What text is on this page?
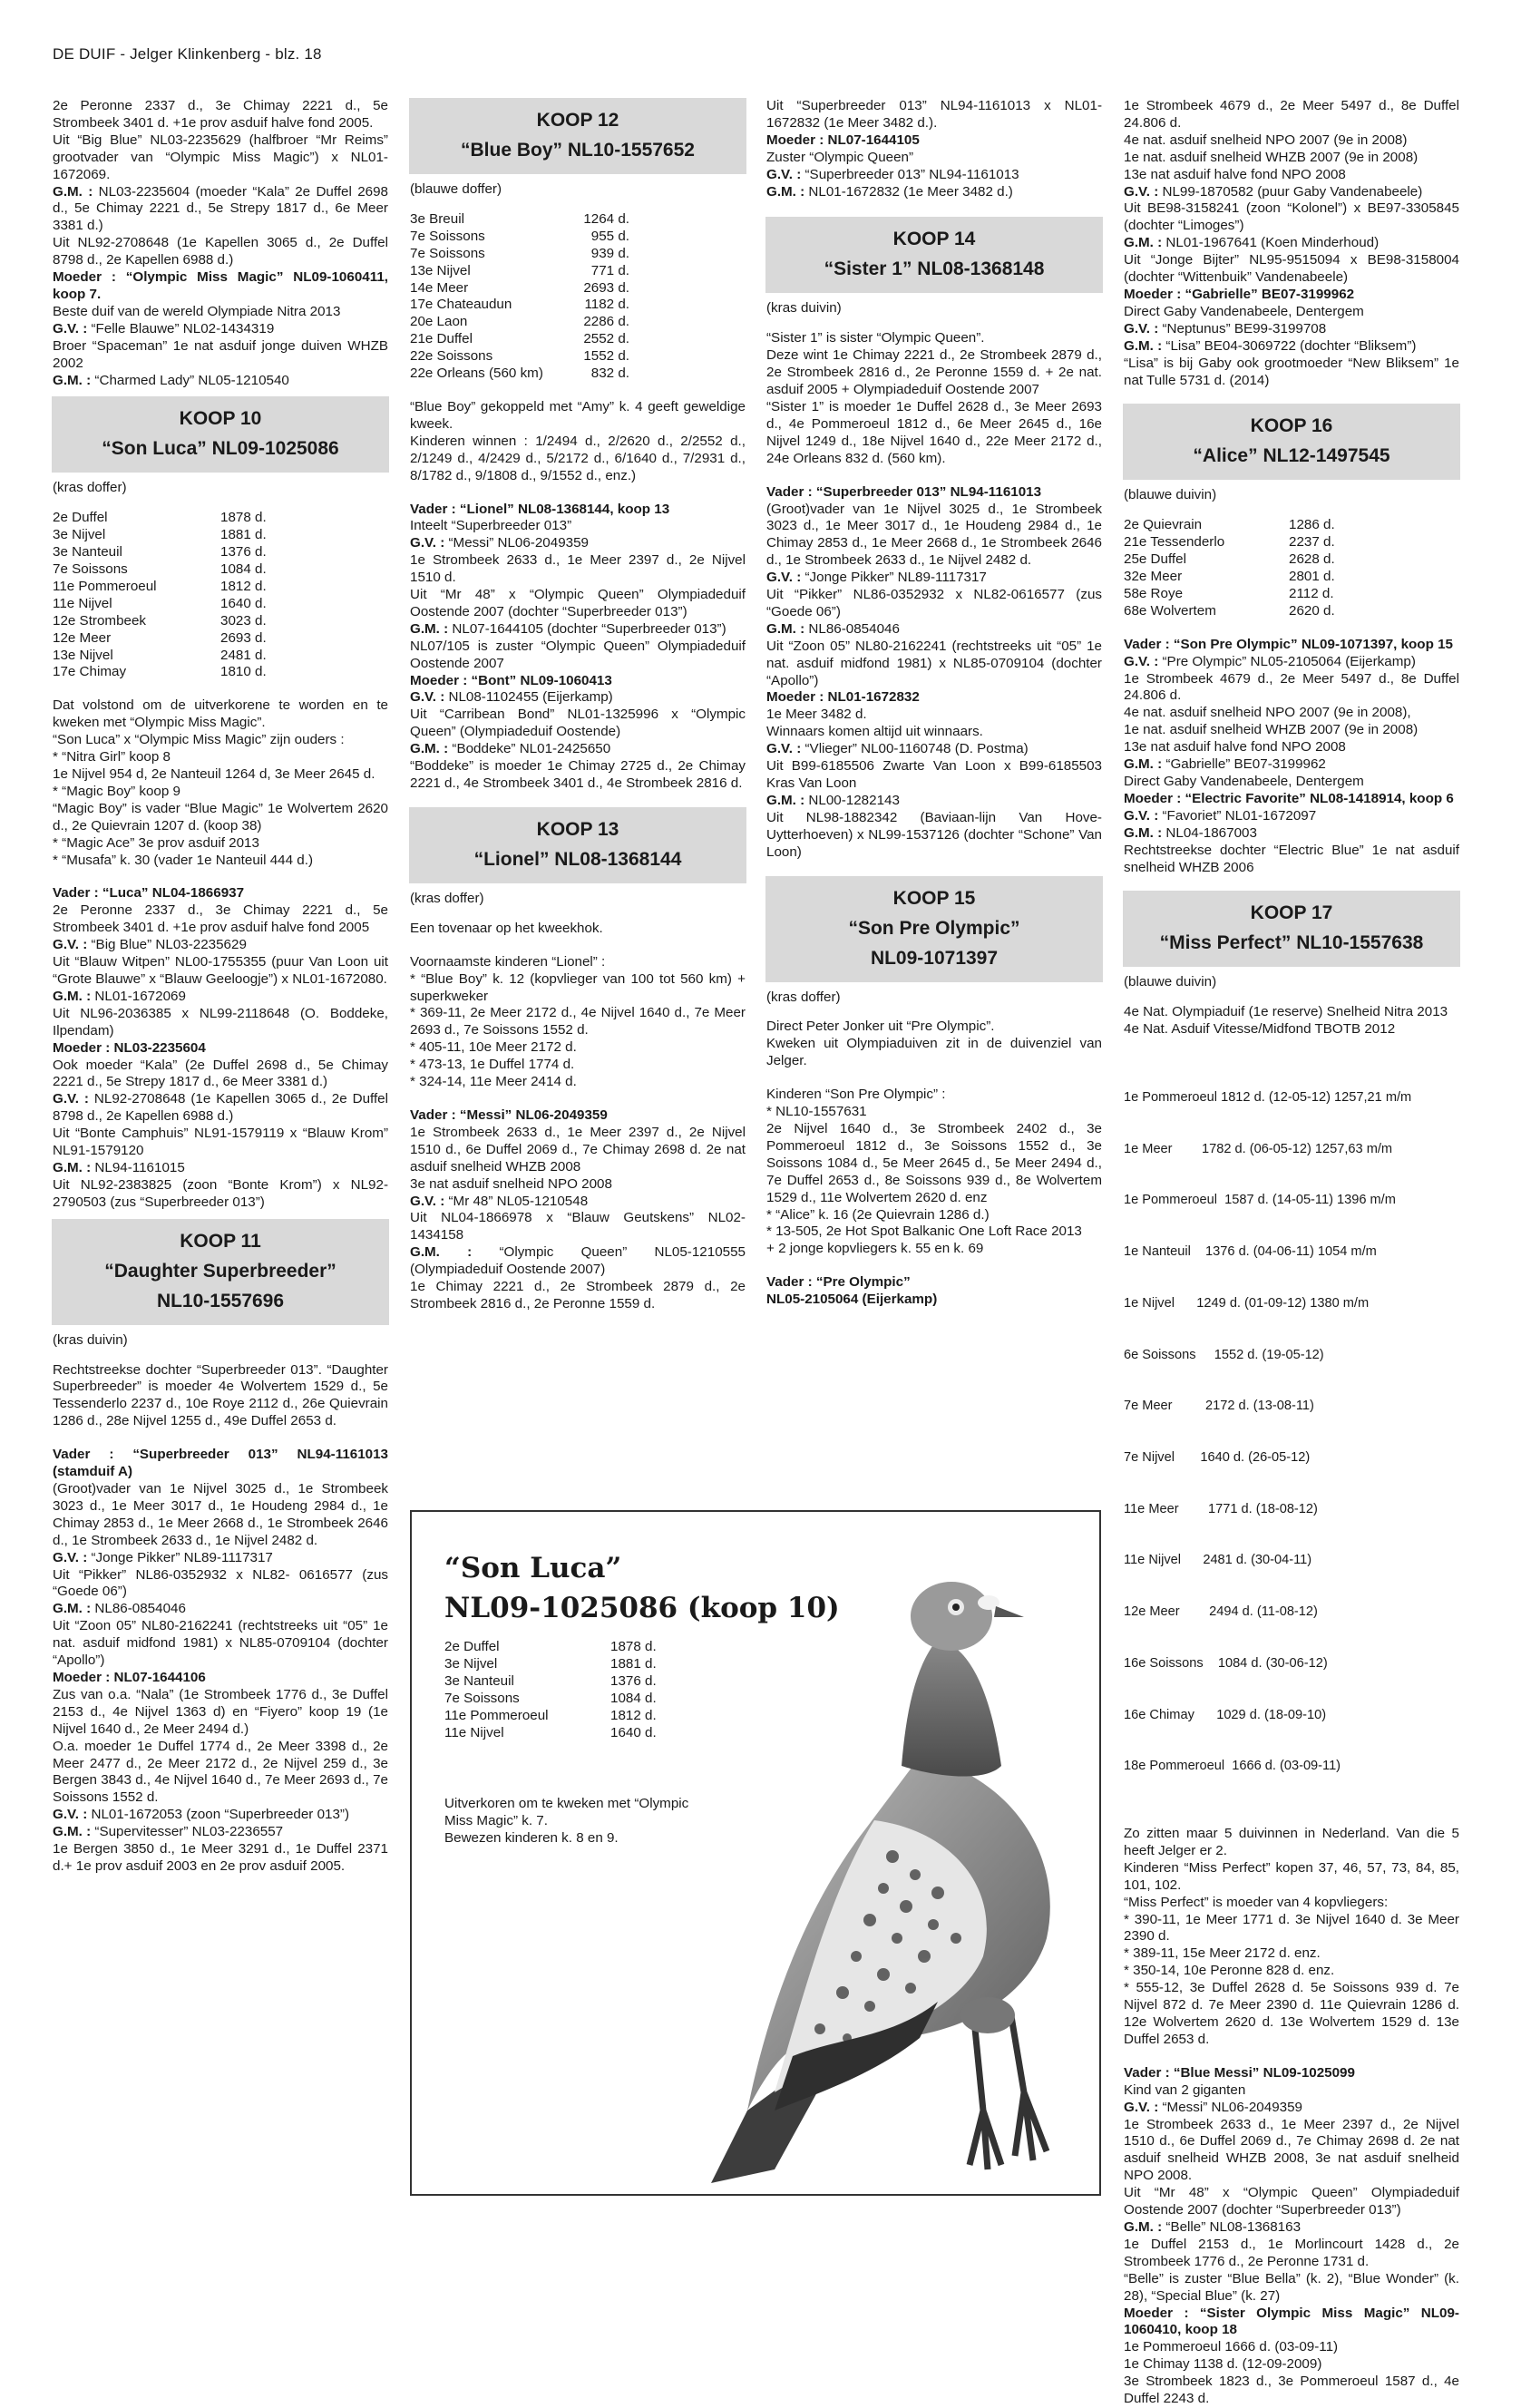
DE DUIF - Jelger Klinkenberg - blz. 18

2e Peronne 2337 d., 3e Chimay 2221 d., 5e Strombeek 3401 d. +1e prov asduif halve fond 2005.

Uit “Big Blue” NL03-2235629 (halfbroer “Mr Reims” grootvader van “Olympic Miss Magic”) x NL01-1672069.

G.M. : NL03-2235604 (moeder “Kala” 2e Duffel 2698 d., 5e Chimay 2221 d., 5e Strepy 1817 d., 6e Meer 3381 d.)

Uit NL92-2708648 (1e Kapellen 3065 d., 2e Duffel 8798 d., 2e Kapellen 6988 d.)

Moeder : “Olympic Miss Magic” NL09-1060411, koop 7.

Beste duif van de wereld Olympiade Nitra 2013

G.V. : “Felle Blauwe” NL02-1434319

Broer “Spaceman” 1e nat asduif jonge duiven WHZB 2002

G.M. : “Charmed Lady” NL05-1210540

KOOP 10
“Son Luca” NL09-1025086

(kras doffer)

2e Duffel	1878 d.
3e Nijvel	1881 d.
3e Nanteuil	1376 d.
7e Soissons	1084 d.
11e Pommeroeul	1812 d.
11e Nijvel	1640 d.
12e Strombeek	3023 d.
12e Meer	2693 d.
13e Nijvel	2481 d.
17e Chimay	1810 d.

Dat volstond om de uitverkorene te worden en te kweken met “Olympic Miss Magic”.

“Son Luca” x “Olympic Miss Magic” zijn ouders :

* “Nitra Girl” koop 8

1e Nijvel 954 d, 2e Nanteuil 1264 d, 3e Meer 2645 d.

* “Magic Boy” koop 9

“Magic Boy” is vader “Blue Magic” 1e Wolvertem 2620 d., 2e Quievrain 1207 d. (koop 38)

* “Magic Ace” 3e prov asduif 2013

* “Musafa” k. 30 (vader 1e Nanteuil 444 d.)

Vader : “Luca” NL04-1866937

2e Peronne 2337 d., 3e Chimay 2221 d., 5e Strombeek 3401 d. +1e prov asduif halve fond 2005

G.V. : “Big Blue” NL03-2235629

Uit “Blauw Witpen” NL00-1755355 (puur Van Loon uit “Grote Blauwe” x “Blauw Geeloogje”) x NL01-1672080.

G.M. : NL01-1672069

Uit NL96-2036385 x NL99-2118648 (O. Boddeke, Ilpendam)

Moeder : NL03-2235604

Ook moeder “Kala” (2e Duffel 2698 d., 5e Chimay 2221 d., 5e Strepy 1817 d., 6e Meer 3381 d.)

G.V. : NL92-2708648 (1e Kapellen 3065 d., 2e Duffel 8798 d., 2e Kapellen 6988 d.)

Uit “Bonte Camphuis” NL91-1579119 x “Blauw Krom” NL91-1579120

G.M. : NL94-1161015

Uit NL92-2383825 (zoon “Bonte Krom”) x NL92-2790503 (zus “Superbreeder 013”)

KOOP 11
“Daughter Superbreeder”
NL10-1557696

(kras duivin)

Rechtstreekse dochter “Superbreeder 013”. “Daughter Superbreeder” is moeder 4e Wolvertem 1529 d., 5e Tessenderlo 2237 d., 10e Roye 2112 d., 26e Quievrain 1286 d., 28e Nijvel 1255 d., 49e Duffel 2653 d.

Vader : “Superbreeder 013” NL94-1161013 (stamduif A)

(Groot)vader van 1e Nijvel 3025 d., 1e Strombeek 3023 d., 1e Meer 3017 d., 1e Houdeng 2984 d., 1e Chimay 2853 d., 1e Meer 2668 d., 1e Strombeek 2646 d., 1e Strombeek 2633 d., 1e Nijvel 2482 d.

G.V. : “Jonge Pikker” NL89-1117317

Uit “Pikker” NL86-0352932 x NL82- 0616577 (zus “Goede 06”)

G.M. : NL86-0854046

Uit “Zoon 05” NL80-2162241 (rechtstreeks uit “05” 1e nat. asduif midfond 1981) x NL85-0709104 (dochter “Apollo”)

Moeder : NL07-1644106

Zus van o.a. “Nala” (1e Strombeek 1776 d., 3e Duffel 2153 d., 4e Nijvel 1363 d) en “Fiyero” koop 19 (1e Nijvel 1640 d., 2e Meer 2494 d.)

O.a. moeder 1e Duffel 1774 d., 2e Meer 3398 d., 2e Meer 2477 d., 2e Meer 2172 d., 2e Nijvel 259 d., 3e Bergen 3843 d., 4e Nijvel 1640 d., 7e Meer 2693 d., 7e Soissons 1552 d.

G.V. : NL01-1672053 (zoon “Superbreeder 013”)

G.M. : “Supervitesser” NL03-2236557

1e Bergen 3850 d., 1e Meer 3291 d., 1e Duffel 2371 d.+ 1e prov asduif 2003 en 2e prov asduif 2005.

KOOP 12
“Blue Boy” NL10-1557652

(blauwe doffer)

3e Breuil	1264 d.
7e Soissons	955 d.
7e Soissons	939 d.
13e Nijvel	771 d.
14e Meer	2693 d.
17e Chateaudun	1182 d.
20e Laon	2286 d.
21e Duffel	2552 d.
22e Soissons	1552 d.
22e Orleans (560 km)	832 d.

“Blue Boy” gekoppeld met “Amy” k. 4 geeft geweldige kweek.

Kinderen winnen : 1/2494 d., 2/2620 d., 2/2552 d., 2/1249 d., 4/2429 d., 5/2172 d., 6/1640 d., 7/2931 d., 8/1782 d., 9/1808 d., 9/1552 d., enz.)

Vader : “Lionel” NL08-1368144, koop 13

Inteelt “Superbreeder 013”

G.V. : “Messi” NL06-2049359

1e Strombeek 2633 d., 1e Meer 2397 d., 2e Nijvel 1510 d.

Uit “Mr 48” x “Olympic Queen” Olympiadeduif Oostende 2007 (dochter “Superbreeder 013”)

G.M. : NL07-1644105 (dochter “Superbreeder 013”)

NL07/105 is zuster “Olympic Queen” Olympiadeduif Oostende 2007

Moeder : “Bont” NL09-1060413

G.V. : NL08-1102455 (Eijerkamp)

Uit “Carribean Bond” NL01-1325996 x “Olympic Queen” (Olympiadeduif Oostende)

G.M. : “Boddeke” NL01-2425650

“Boddeke” is moeder 1e Chimay 2725 d., 2e Chimay 2221 d., 4e Strombeek 3401 d., 4e Strombeek 2816 d.

KOOP 13
“Lionel” NL08-1368144

(kras doffer)

Een tovenaar op het kweekhok.

Voornaamste kinderen “Lionel” :

* “Blue Boy” k. 12 (kopvlieger van 100 tot 560 km) + superkweker

* 369-11, 2e Meer 2172 d., 4e Nijvel 1640 d., 7e Meer 2693 d., 7e Soissons 1552 d.

* 405-11, 10e Meer 2172 d.

* 473-13, 1e Duffel 1774 d.

* 324-14, 11e Meer 2414 d.

Vader : “Messi” NL06-2049359

1e Strombeek 2633 d., 1e Meer 2397 d., 2e Nijvel 1510 d., 6e Duffel 2069 d., 7e Chimay 2698 d. 2e nat asduif snelheid WHZB 2008

3e nat asduif snelheid NPO 2008

G.V. : “Mr 48” NL05-1210548

Uit NL04-1866978 x “Blauw Geutskens” NL02-1434158

G.M. : “Olympic Queen” NL05-1210555 (Olympiadeduif Oostende 2007)

1e Chimay 2221 d., 2e Strombeek 2879 d., 2e Strombeek 2816 d., 2e Peronne 1559 d.

Uit “Superbreeder 013” NL94-1161013 x NL01-1672832 (1e Meer 3482 d.).

Moeder : NL07-1644105

Zuster “Olympic Queen”

G.V. : “Superbreeder 013” NL94-1161013

G.M. : NL01-1672832 (1e Meer 3482 d.)

KOOP 14
“Sister 1” NL08-1368148

(kras duivin)

“Sister 1” is sister “Olympic Queen”.

Deze wint 1e Chimay 2221 d., 2e Strombeek 2879 d., 2e Strombeek 2816 d., 2e Peronne 1559 d. + 2e nat. asduif 2005 + Olympiadeduif Oostende 2007

“Sister 1” is moeder 1e Duffel 2628 d., 3e Meer 2693 d., 4e Pommeroeul 1812 d., 6e Meer 2645 d., 16e Nijvel 1249 d., 18e Nijvel 1640 d., 22e Meer 2172 d., 24e Orleans 832 d. (560 km).

Vader : “Superbreeder 013” NL94-1161013

(Groot)vader van 1e Nijvel 3025 d., 1e Strombeek 3023 d., 1e Meer 3017 d., 1e Houdeng 2984 d., 1e Chimay 2853 d., 1e Meer 2668 d., 1e Strombeek 2646 d., 1e Strombeek 2633 d., 1e Nijvel 2482 d.

G.V. : “Jonge Pikker” NL89-1117317

Uit “Pikker” NL86-0352932 x NL82-0616577 (zus “Goede 06”)

G.M. : NL86-0854046

Uit “Zoon 05” NL80-2162241 (rechtstreeks uit “05” 1e nat. asduif midfond 1981) x NL85-0709104 (dochter “Apollo”)

Moeder : NL01-1672832

1e Meer 3482 d.

Winnaars komen altijd uit winnaars.

G.V. : “Vlieger” NL00-1160748 (D. Postma)

Uit B99-6185506 Zwarte Van Loon x B99-6185503 Kras Van Loon

G.M. : NL00-1282143

Uit NL98-1882342 (Baviaan-lijn Van Hove-Uytterhoeven) x NL99-1537126 (dochter “Schone” Van Loon)

KOOP 15
“Son Pre Olympic”
NL09-1071397

(kras doffer)

Direct Peter Jonker uit “Pre Olympic”.

Kweken uit Olympiaduiven zit in de duivenziel van Jelger.

Kinderen “Son Pre Olympic” :

* NL10-1557631

2e Nijvel 1640 d., 3e Strombeek 2402 d., 3e Pommeroeul 1812 d., 3e Soissons 1552 d., 3e Soissons 1084 d., 5e Meer 2645 d., 5e Meer 2494 d., 7e Duffel 2653 d., 8e Soissons 939 d., 8e Wolvertem 1529 d., 11e Wolvertem 2620 d. enz

* “Alice” k. 16 (2e Quievrain 1286 d.)

* 13-505, 2e Hot Spot Balkanic One Loft Race 2013

+ 2 jonge kopvliegers k. 55 en k. 69

Vader : “Pre Olympic”

NL05-2105064 (Eijerkamp)

1e Strombeek 4679 d., 2e Meer 5497 d., 8e Duffel 24.806 d.

4e nat. asduif snelheid NPO 2007 (9e in 2008)

1e nat. asduif snelheid WHZB 2007 (9e in 2008)

13e nat asduif halve fond NPO 2008

G.V. : NL99-1870582 (puur Gaby Vandenabeele)

Uit BE98-3158241 (zoon “Kolonel”) x BE97-3305845 (dochter “Limoges”)

G.M. : NL01-1967641 (Koen Minderhoud)

Uit “Jonge Bijter” NL95-9515094 x BE98-3158004 (dochter “Wittenbuik” Vandenabeele)

Moeder : “Gabrielle” BE07-3199962

Direct Gaby Vandenabeele, Dentergem

G.V. : “Neptunus” BE99-3199708

G.M. : “Lisa” BE04-3069722 (dochter “Bliksem”)

“Lisa” is bij Gaby ook grootmoeder “New Bliksem” 1e nat Tulle 5731 d. (2014)

KOOP 16
“Alice” NL12-1497545

(blauwe duivin)

2e Quievrain	1286 d.
21e Tessenderlo	2237 d.
25e Duffel	2628 d.
32e Meer	2801 d.
58e Roye	2112 d.
68e Wolvertem	2620 d.

Vader : “Son Pre Olympic” NL09-1071397, koop 15

G.V. : “Pre Olympic” NL05-2105064 (Eijerkamp)

1e Strombeek 4679 d., 2e Meer 5497 d., 8e Duffel 24.806 d.

4e nat. asduif snelheid NPO 2007 (9e in 2008),

1e nat. asduif snelheid WHZB 2007 (9e in 2008)

13e nat asduif halve fond NPO 2008

G.M. : “Gabrielle” BE07-3199962

Direct Gaby Vandenabeele, Dentergem

Moeder : “Electric Favorite” NL08-1418914, koop 6

G.V. : “Favoriet” NL01-1672097

G.M. : NL04-1867003

Rechtstreekse dochter “Electric Blue” 1e nat asduif snelheid WHZB 2006

KOOP 17
“Miss Perfect” NL10-1557638

(blauwe duivin)

4e Nat. Olympiaduif (1e reserve) Snelheid Nitra 2013

4e Nat. Asduif Vitesse/Midfond TBOTB 2012

1e Pommeroeul 1812 d. (12-05-12) 1257,21 m/m

1e Meer        1782 d. (06-05-12) 1257,63 m/m

1e Pommeroeul  1587 d. (14-05-11) 1396 m/m

1e Nanteuil    1376 d. (04-06-11) 1054 m/m

1e Nijvel      1249 d. (01-09-12) 1380 m/m

6e Soissons     1552 d. (19-05-12)

7e Meer         2172 d. (13-08-11)

7e Nijvel       1640 d. (26-05-12)

11e Meer        1771 d. (18-08-12)

11e Nijvel      2481 d. (30-04-11)

12e Meer        2494 d. (11-08-12)

16e Soissons    1084 d. (30-06-12)

16e Chimay      1029 d. (18-09-10)

18e Pommeroeul  1666 d. (03-09-11)

Zo zitten maar 5 duivinnen in Nederland. Van die 5 heeft Jelger er 2.

Kinderen “Miss Perfect” kopen 37, 46, 57, 73, 84, 85, 101, 102.

“Miss Perfect” is moeder van 4 kopvliegers:

* 390-11, 1e Meer 1771 d. 3e Nijvel 1640 d. 3e Meer 2390 d.

* 389-11, 15e Meer 2172 d. enz.

* 350-14, 10e Peronne 828 d. enz.

* 555-12, 3e Duffel 2628 d. 5e Soissons 939 d. 7e Nijvel 872 d. 7e Meer 2390 d. 11e Quievrain 1286 d. 12e Wolvertem 2620 d. 13e Wolvertem 1529 d. 13e Duffel 2653 d.

Vader : “Blue Messi” NL09-1025099

Kind van 2 giganten

G.V. : “Messi” NL06-2049359

1e Strombeek 2633 d., 1e Meer 2397 d., 2e Nijvel 1510 d., 6e Duffel 2069 d., 7e Chimay 2698 d. 2e nat asduif snelheid WHZB 2008, 3e nat asduif snelheid NPO 2008.

Uit “Mr 48” x “Olympic Queen” Olympiadeduif Oostende 2007 (dochter “Superbreeder 013”)

G.M. : “Belle” NL08-1368163

1e Duffel 2153 d., 1e Morlincourt 1428 d., 2e Strombeek 1776 d., 2e Peronne 1731 d.

“Belle” is zuster “Blue Bella” (k. 2), “Blue Wonder” (k. 28), “Special Blue” (k. 27)

Moeder : “Sister Olympic Miss Magic” NL09-1060410, koop 18

1e Pommeroeul 1666 d. (03-09-11)

1e Chimay 1138 d. (12-09-2009)

3e Strombeek 1823 d., 3e Pommeroeul 1587 d., 4e Duffel 2243 d.

“Son Luca”
NL09-1025086 (koop 10)
2e Duffel	1878 d.
3e Nijvel	1881 d.
3e Nanteuil	1376 d.
7e Soissons	1084 d.
11e Pommeroeul	1812 d.
11e Nijvel	1640 d.
Uitverkoren om te kweken met “Olympic Miss Magic” k. 7.
Bewezen kinderen k. 8 en 9.
